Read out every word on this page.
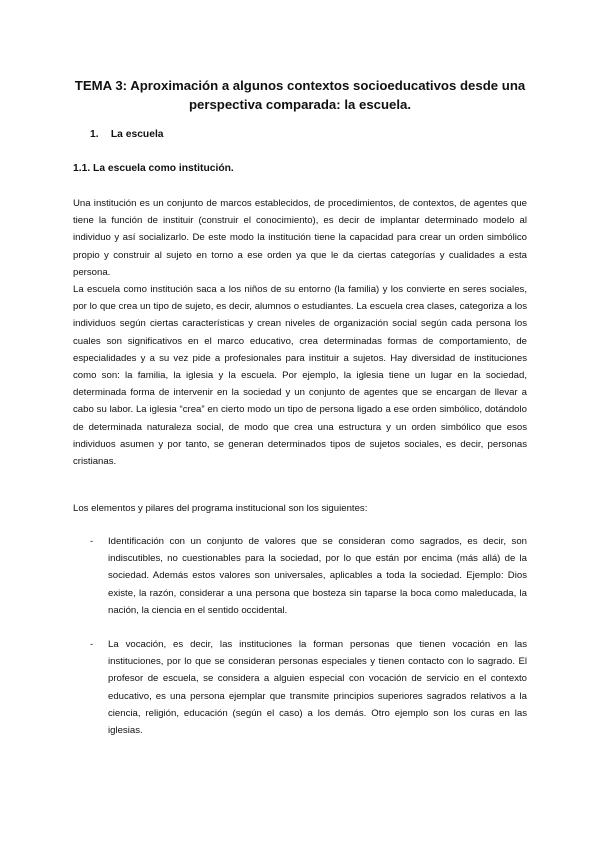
TEMA 3: Aproximación a algunos contextos socioeducativos desde una perspectiva comparada: la escuela.
1. La escuela
1.1. La escuela como institución.

Una institución es un conjunto de marcos establecidos, de procedimientos, de contextos, de agentes que tiene la función de instituir (construir el conocimiento), es decir de implantar determinado modelo al individuo y así socializarlo. De este modo la institución tiene la capacidad para crear un orden simbólico propio y construir al sujeto en torno a ese orden ya que le da ciertas categorías y cualidades a esta persona.

La escuela como institución saca a los niños de su entorno (la familia) y los convierte en seres sociales, por lo que crea un tipo de sujeto, es decir, alumnos o estudiantes. La escuela crea clases, categoriza a los individuos según ciertas características y crean niveles de organización social según cada persona los cuales son significativos en el marco educativo, crea determinadas formas de comportamiento, de especialidades y a su vez pide a profesionales para instituir a sujetos. Hay diversidad de instituciones como son: la familia, la iglesia y la escuela. Por ejemplo, la iglesia tiene un lugar en la sociedad, determinada forma de intervenir en la sociedad y un conjunto de agentes que se encargan de llevar a cabo su labor. La iglesia “crea” en cierto modo un tipo de persona ligado a ese orden simbólico, dotándolo de determinada naturaleza social, de modo que crea una estructura y un orden simbólico que esos individuos asumen y por tanto, se generan determinados tipos de sujetos sociales, es decir, personas cristianas.

Los elementos y pilares del programa institucional son los siguientes:
- Identificación con un conjunto de valores que se consideran como sagrados, es decir, son indiscutibles, no cuestionables para la sociedad, por lo que están por encima (más allá) de la sociedad. Además estos valores son universales, aplicables a toda la sociedad. Ejemplo: Dios existe, la razón, considerar a una persona que bosteza sin taparse la boca como maleducada, la nación, la ciencia en el sentido occidental.
- La vocación, es decir, las instituciones la forman personas que tienen vocación en las instituciones, por lo que se consideran personas especiales y tienen contacto con lo sagrado. El profesor de escuela, se considera a alguien especial con vocación de servicio en el contexto educativo, es una persona ejemplar que transmite principios superiores sagrados relativos a la ciencia, religión, educación (según el caso) a los demás. Otro ejemplo son los curas en las iglesias.
